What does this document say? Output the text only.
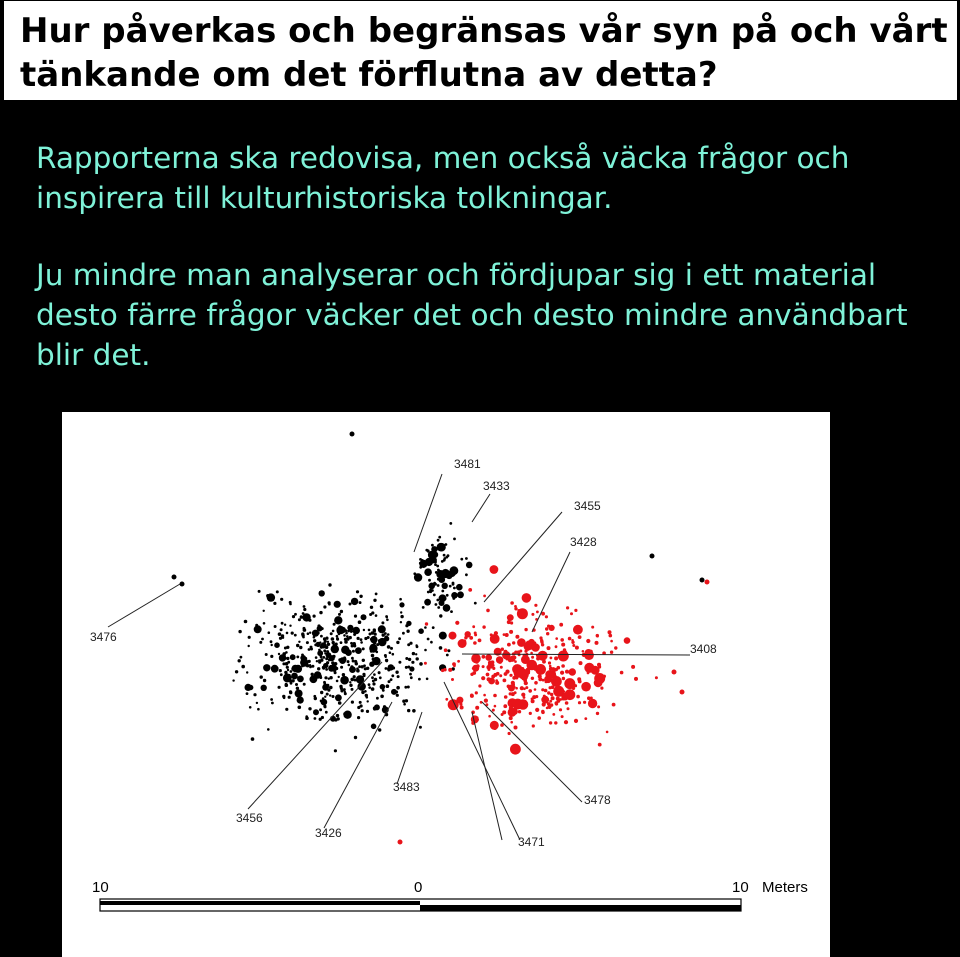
Hur påverkas och begränsas vår syn på och vårt tänkande om det förflutna av detta?

Rapporterna ska redovisa, men också väcka frågor och inspirera till kulturhistoriska tolkningar.

Ju mindre man analyserar och fördjupar sig i ett material desto färre frågor väcker det och desto mindre användbart blir det.

3481
3433
3455
3428
3476
3408
3483
3478
3456
3426
3471
10	0	10 Meters
